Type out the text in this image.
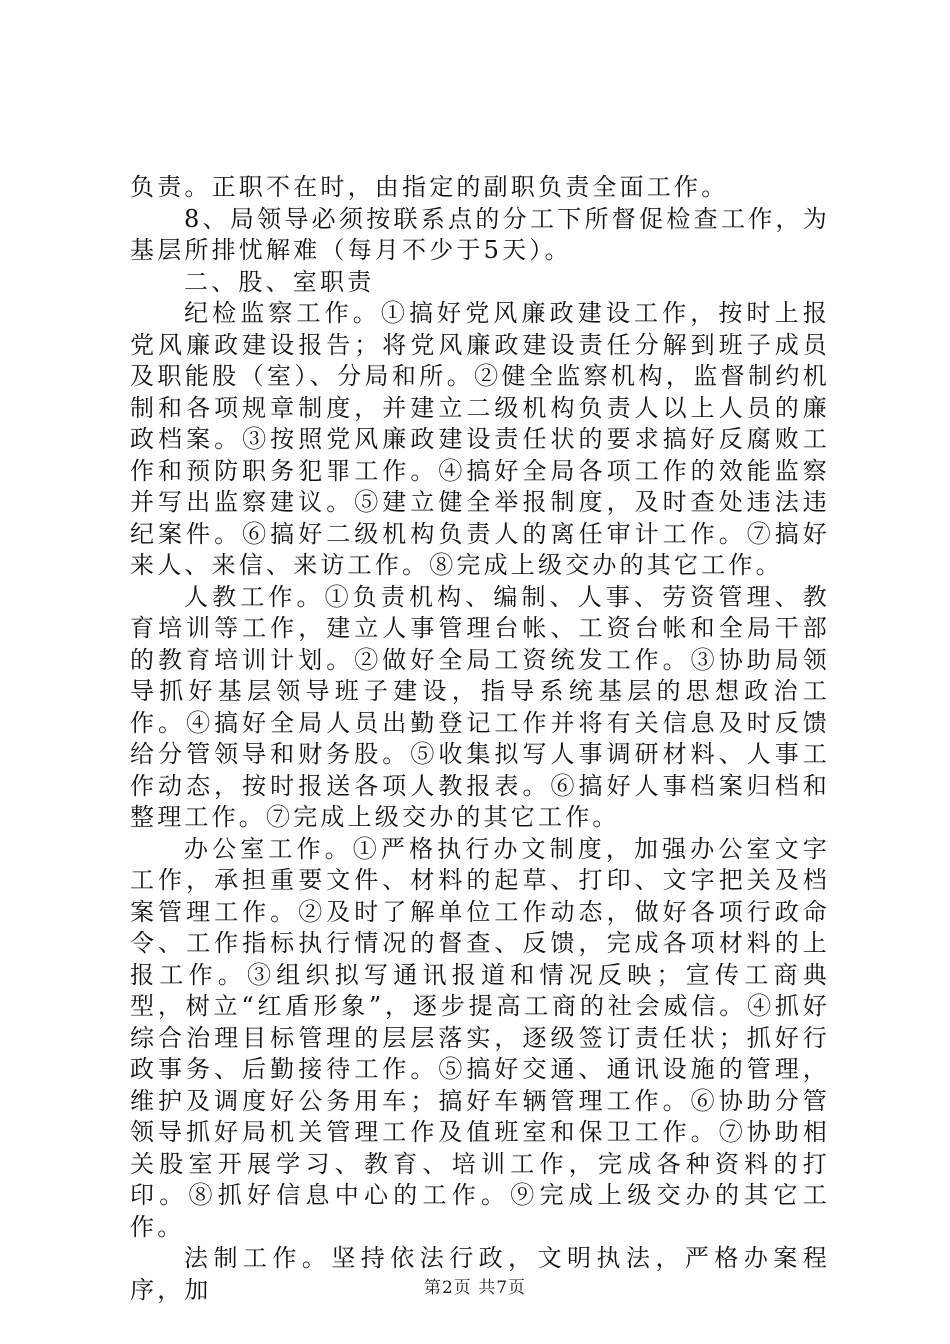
负责。正职不在时，由指定的副职负责全面工作。

8、局领导必须按联系点的分工下所督促检查工作，为基层所排忧解难（每月不少于5天）。

二、股、室职责

纪检监察工作。①搞好党风廉政建设工作，按时上报党风廉政建设报告；将党风廉政建设责任分解到班子成员及职能股（室）、分局和所。②健全监察机构，监督制约机制和各项规章制度，并建立二级机构负责人以上人员的廉政档案。③按照党风廉政建设责任状的要求搞好反腐败工作和预防职务犯罪工作。④搞好全局各项工作的效能监察并写出监察建议。⑤建立健全举报制度，及时查处违法违纪案件。⑥搞好二级机构负责人的离任审计工作。⑦搞好来人、来信、来访工作。⑧完成上级交办的其它工作。

人教工作。①负责机构、编制、人事、劳资管理、教育培训等工作，建立人事管理台帐、工资台帐和全局干部的教育培训计划。②做好全局工资统发工作。③协助局领导抓好基层领导班子建设，指导系统基层的思想政治工作。④搞好全局人员出勤登记工作并将有关信息及时反馈给分管领导和财务股。⑤收集拟写人事调研材料、人事工作动态，按时报送各项人教报表。⑥搞好人事档案归档和整理工作。⑦完成上级交办的其它工作。

办公室工作。①严格执行办文制度，加强办公室文字工作，承担重要文件、材料的起草、打印、文字把关及档案管理工作。②及时了解单位工作动态，做好各项行政命令、工作指标执行情况的督查、反馈，完成各项材料的上报工作。③组织拟写通讯报道和情况反映；宣传工商典型，树立“红盾形象”，逐步提高工商的社会威信。④抓好综合治理目标管理的层层落实，逐级签订责任状；抓好行政事务、后勤接待工作。⑤搞好交通、通讯设施的管理，维护及调度好公务用车；搞好车辆管理工作。⑥协助分管领导抓好局机关管理工作及值班室和保卫工作。⑦协助相关股室开展学习、教育、培训工作，完成各种资料的打印。⑧抓好信息中心的工作。⑨完成上级交办的其它工作。

法制工作。坚持依法行政，文明执法，严格办案程序，加	第2页 共7页
